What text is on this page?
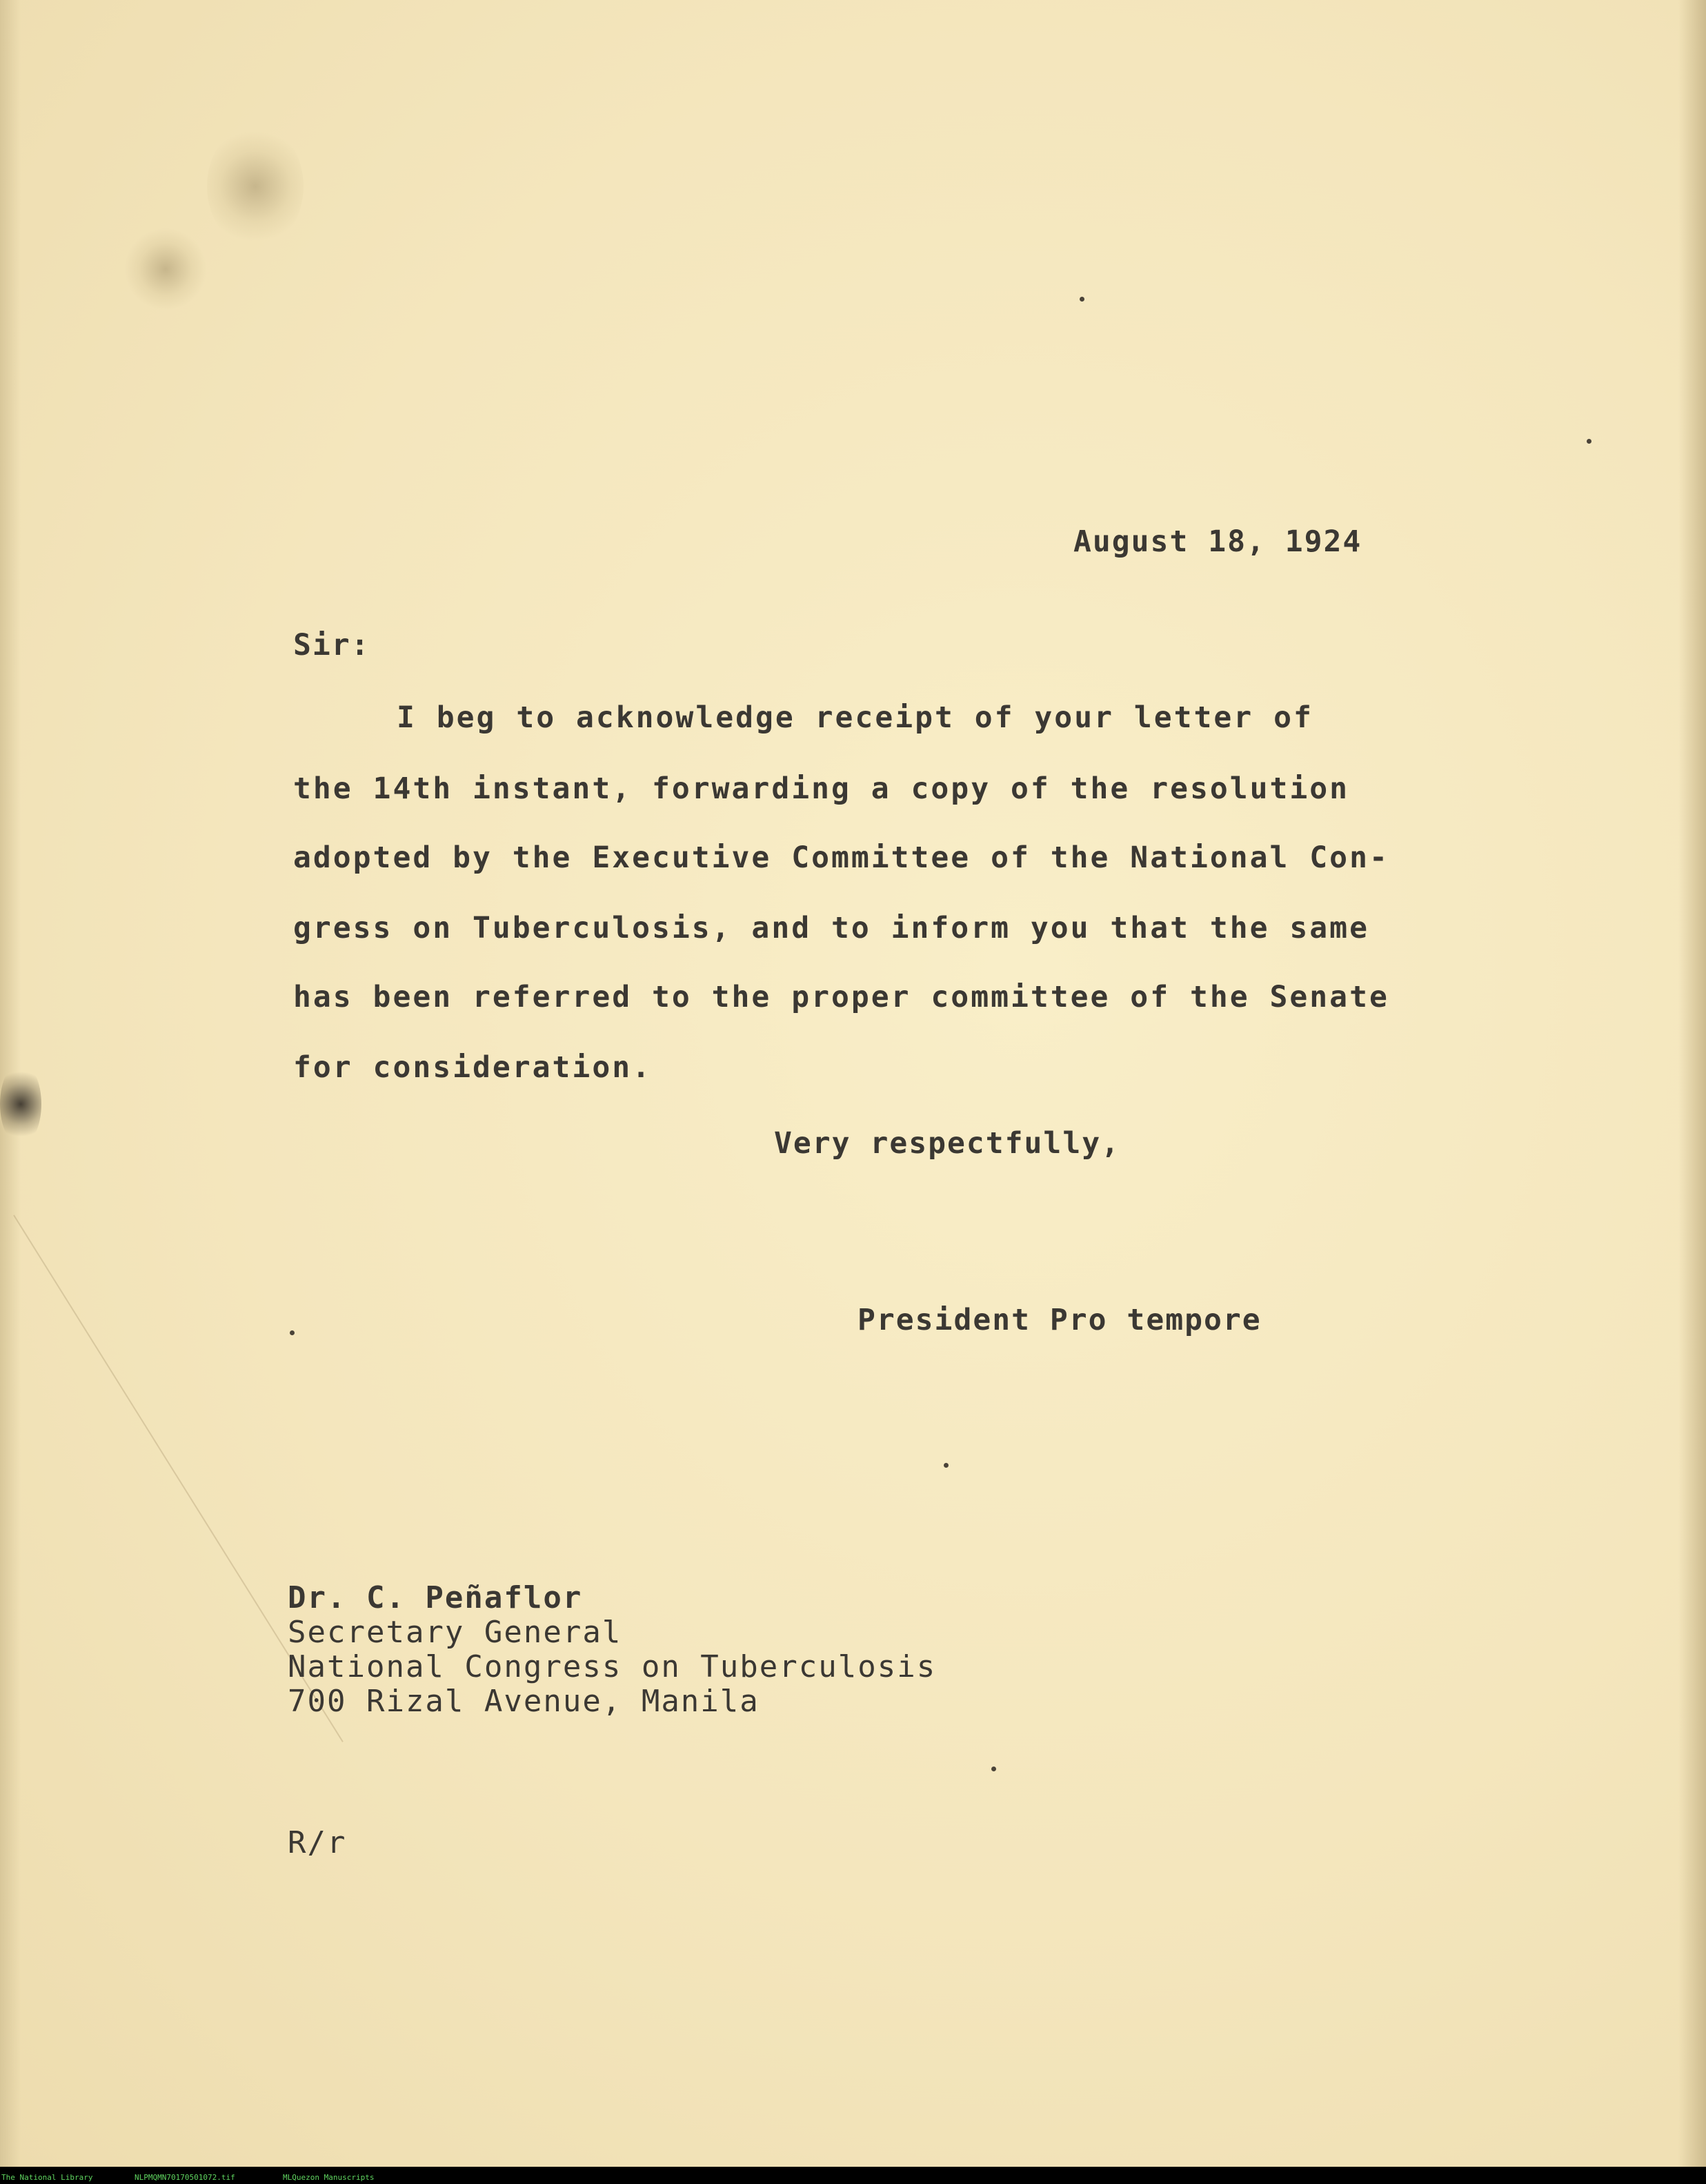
August 18, 1924

Sir:

I beg to acknowledge receipt of your letter of

the 14th instant, forwarding a copy of the resolution

adopted by the Executive Committee of the National Con-

gress on Tuberculosis, and to inform you that the same

has been referred to the proper committee of the Senate

for consideration.

Very respectfully,

President Pro tempore

Dr. C. Peñaflor

Secretary General

National Congress on Tuberculosis

700 Rizal Avenue, Manila

R/r

The National Library	NLPMQMN70170501072.tif	MLQuezon Manuscripts
